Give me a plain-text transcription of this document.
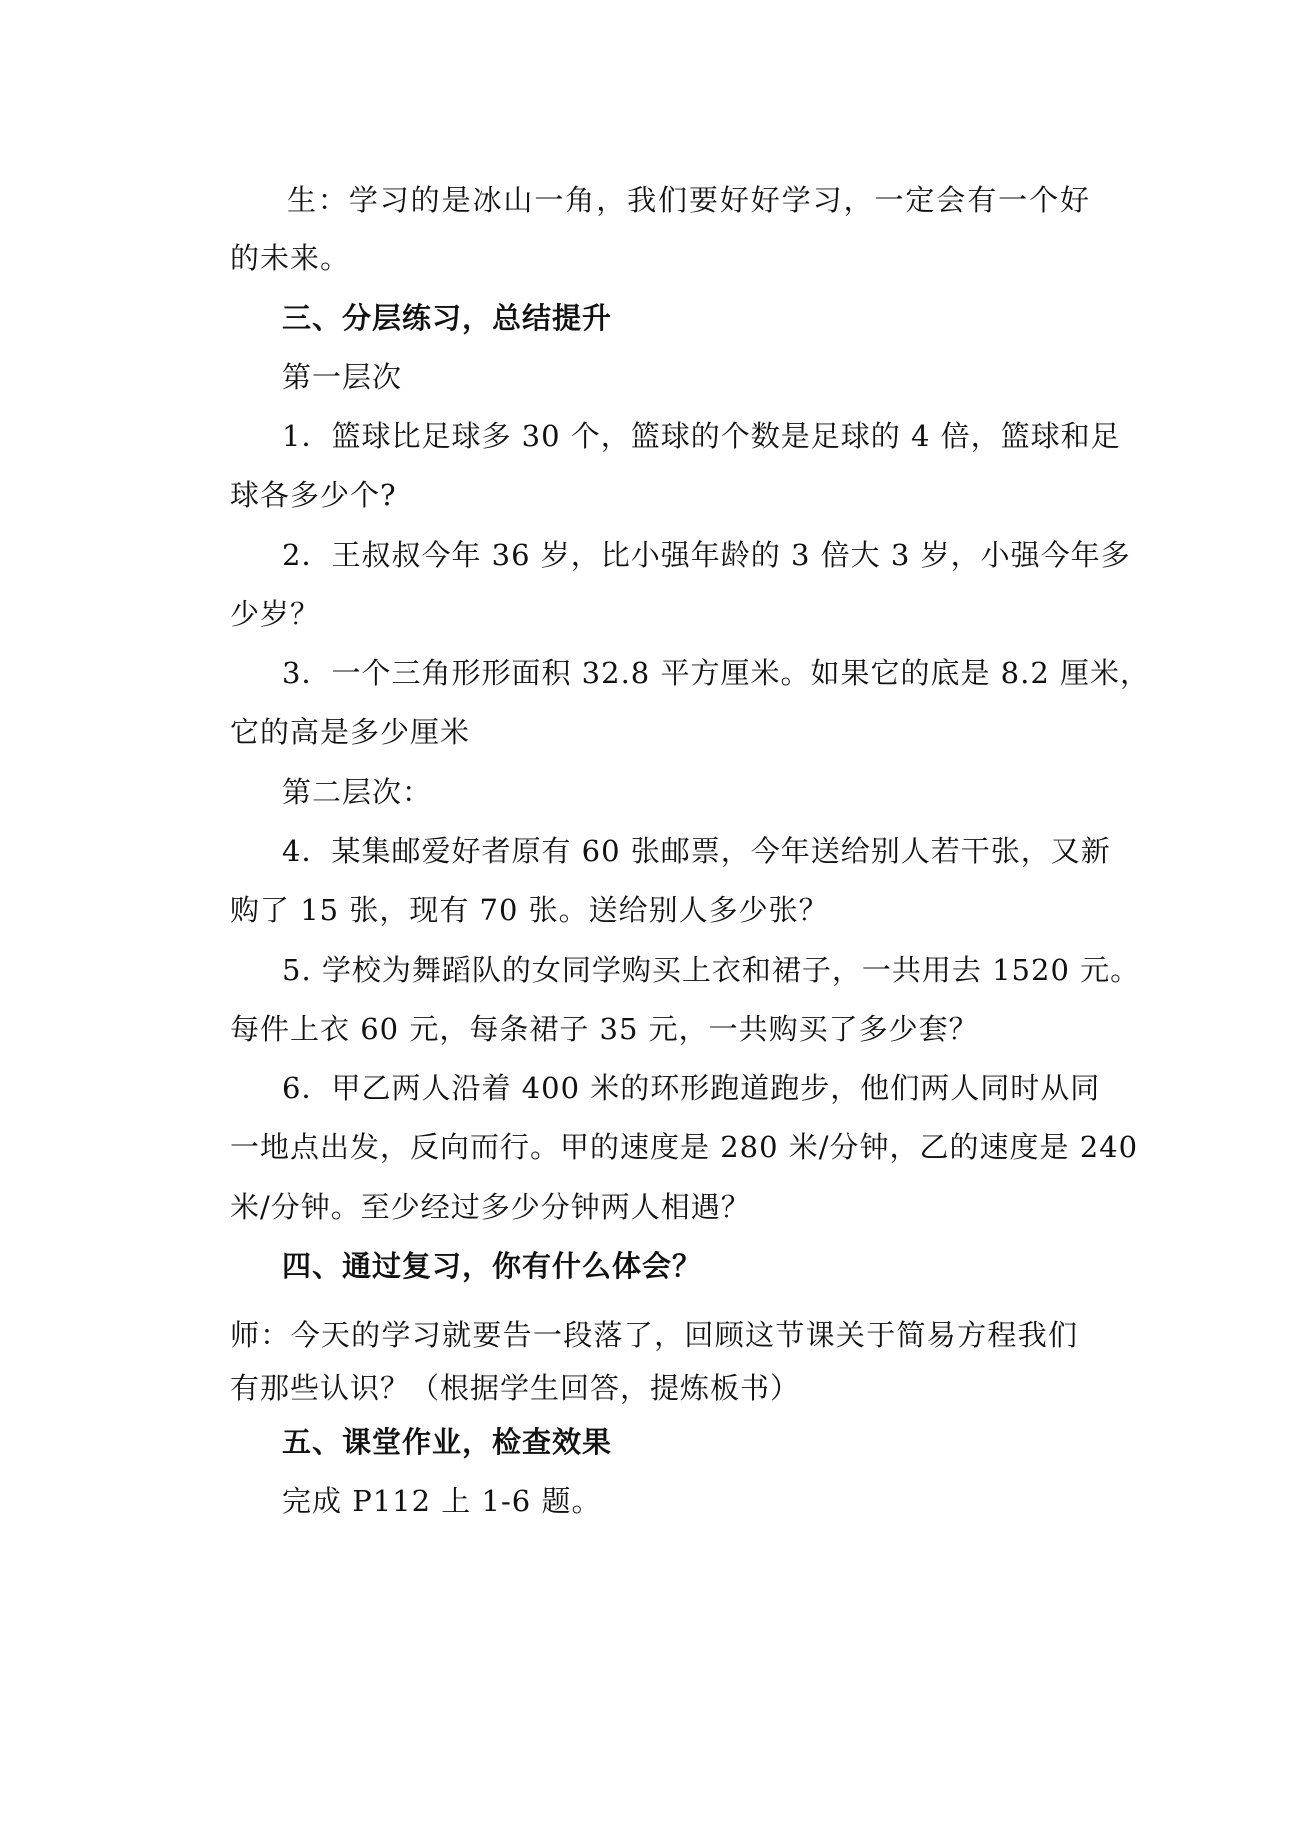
生：学习的是冰山一角，我们要好好学习，一定会有一个好
的未来。
三、分层练习，总结提升
第一层次
1．篮球比足球多 30 个，篮球的个数是足球的 4 倍，篮球和足
球各多少个?
2．王叔叔今年 36 岁，比小强年龄的 3 倍大 3 岁，小强今年多
少岁？
3．一个三角形形面积 32.8 平方厘米。如果它的底是 8.2 厘米，
它的高是多少厘米
第二层次：
4．某集邮爱好者原有 60 张邮票，今年送给别人若干张，又新
购了 15 张，现有 70 张。送给别人多少张？
5. 学校为舞蹈队的女同学购买上衣和裙子，一共用去 1520 元。
每件上衣 60 元，每条裙子 35 元，一共购买了多少套？
6．甲乙两人沿着 400 米的环形跑道跑步，他们两人同时从同
一地点出发，反向而行。甲的速度是 280 米/分钟，乙的速度是 240
米/分钟。至少经过多少分钟两人相遇？
四、通过复习，你有什么体会？
师：今天的学习就要告一段落了，回顾这节课关于简易方程我们
有那些认识？（根据学生回答，提炼板书）
五、课堂作业，检查效果
完成 P112 上 1-6 题。
